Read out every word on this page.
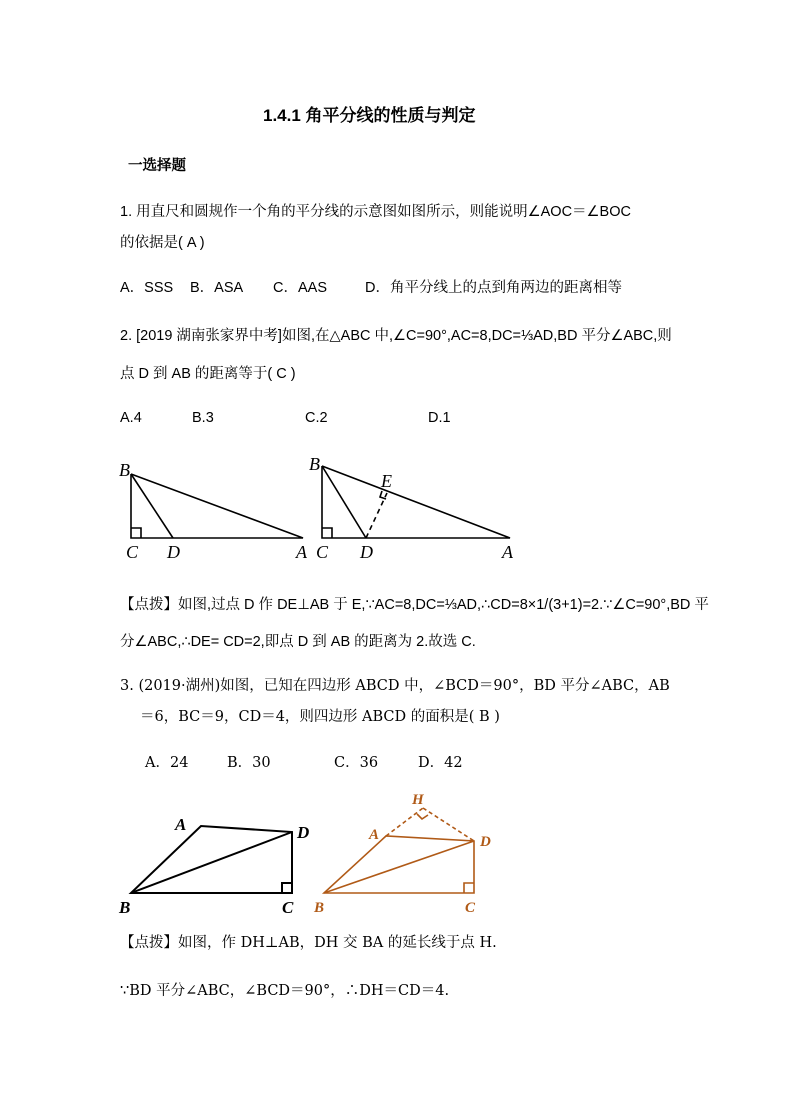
1.4.1 角平分线的性质与判定
一选择题
1. 用直尺和圆规作一个角的平分线的示意图如图所示，则能说明∠AOC＝∠BOC
的依据是( A )
A．SSS B．ASA C．AAS	D．角平分线上的点到角两边的距离相等
2. [2019 湖南张家界中考]如图,在△ABC 中,∠C=90°,AC=8,DC=⅓AD,BD 平分∠ABC,则
点 D 到 AB 的距离等于( C )
A.4	B.3	C.2	D.1
B
C D	A
B
E
C D	A
【点拨】如图,过点 D 作 DE⊥AB 于 E,∵AC=8,DC=⅓AD,∴CD=8×1/(3+1)=2.∵∠C=90°,BD 平
分∠ABC,∴DE= CD=2,即点 D 到 AB 的距离为 2.故选 C.
3. (2019·湖州)如图，已知在四边形 ABCD 中，∠BCD＝90°，BD 平分∠ABC，AB
＝6，BC＝9，CD＝4，则四边形 ABCD 的面积是( B )
A．24	B．30	C．36	D．42
A	D
B	C
H
A	D
B	C
【点拨】如图，作 DH⊥AB，DH 交 BA 的延长线于点 H.
∵BD 平分∠ABC，∠BCD＝90°，∴DH＝CD＝4.
